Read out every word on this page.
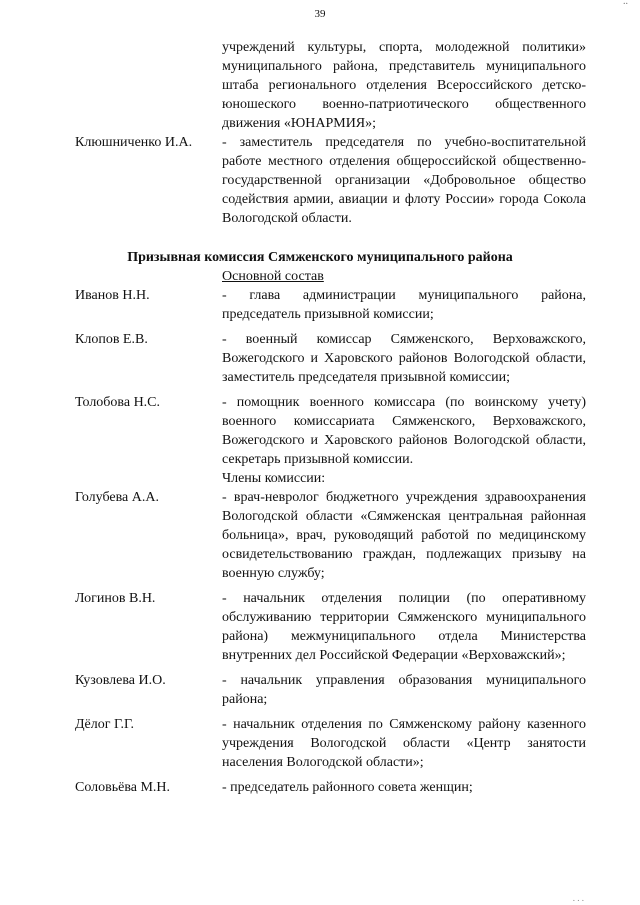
..
39
учреждений культуры, спорта, молодежной политики» муниципального района, представитель муниципального штаба регионального отделения Всероссийского детско-юношеского военно-патриотического общественного движения «ЮНАРМИЯ»;
Клюшниченко И.А. - заместитель председателя по учебно-воспитательной работе местного отделения общероссийской общественно-государственной организации «Добровольное общество содействия армии, авиации и флоту России» города Сокола Вологодской области.
Призывная комиссия Сямженского муниципального района
Основной состав
Иванов Н.Н.	- глава администрации муниципального района, председатель призывной комиссии;
Клопов Е.В.	- военный комиссар Сямженского, Верховажского, Вожегодского и Харовского районов Вологодской области, заместитель председателя призывной комиссии;
Толобова Н.С.	- помощник военного комиссара (по воинскому учету) военного комиссариата Сямженского, Верховажского, Вожегодского и Харовского районов Вологодской области, секретарь призывной комиссии.
Члены комиссии:
Голубева А.А.	- врач-невролог бюджетного учреждения здравоохранения Вологодской области «Сямженская центральная районная больница», врач, руководящий работой по медицинскому освидетельствованию граждан, подлежащих призыву на военную службу;
Логинов В.Н.	- начальник отделения полиции (по оперативному обслуживанию территории Сямженского муниципального района) межмуниципального отдела Министерства внутренних дел Российской Федерации «Верховажский»;
Кузовлева И.О.	- начальник управления образования муниципального района;
Дёлог Г.Г.	- начальник отделения по Сямженскому району казенного учреждения Вологодской области «Центр занятости населения Вологодской области»;
Соловьёва М.Н.	- председатель районного совета женщин;
. . .
